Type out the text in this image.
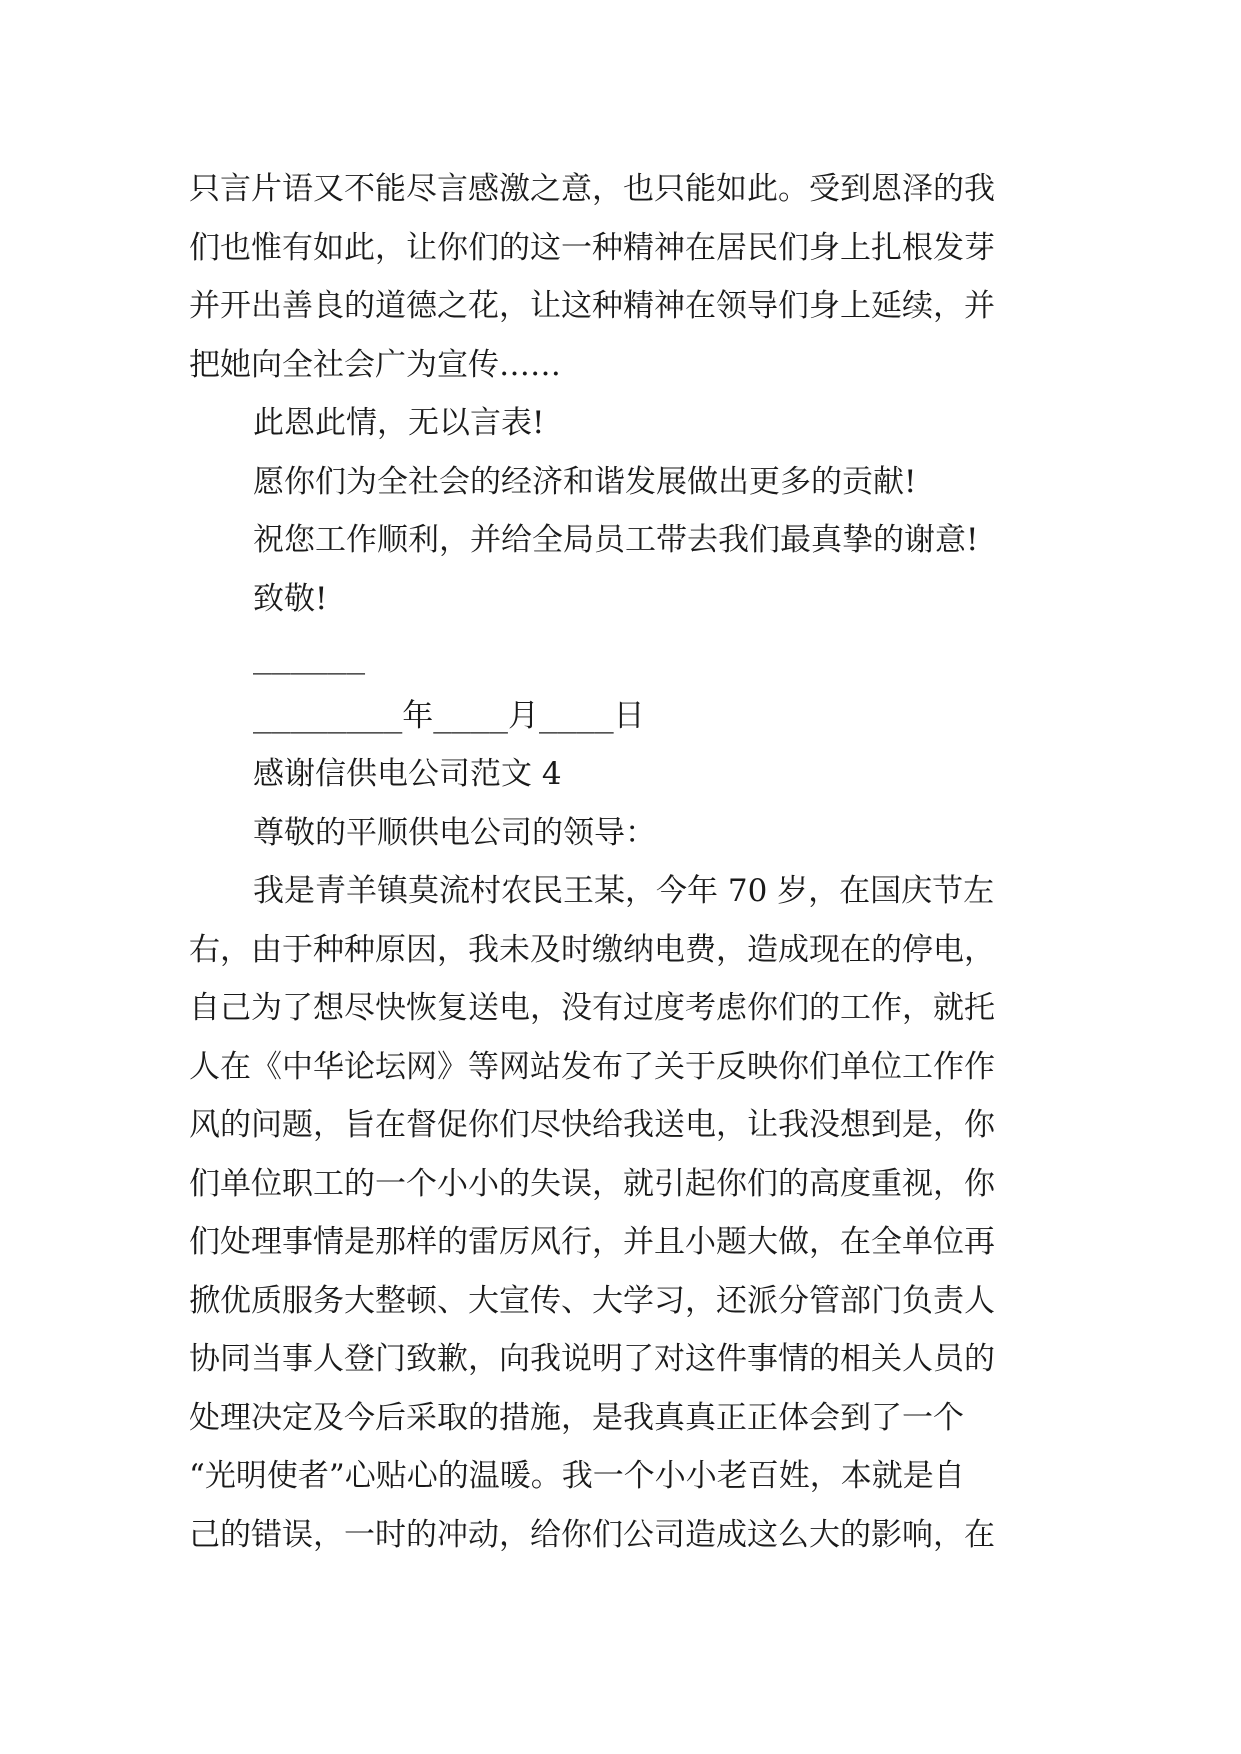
只言片语又不能尽言感激之意，也只能如此。受到恩泽的我
们也惟有如此，让你们的这一种精神在居民们身上扎根发芽
并开出善良的道德之花，让这种精神在领导们身上延续，并
把她向全社会广为宣传……
此恩此情，无以言表!
愿你们为全社会的经济和谐发展做出更多的贡献!
祝您工作顺利，并给全局员工带去我们最真挚的谢意!
致敬!
______
________年____月____日
感谢信供电公司范文 4
尊敬的平顺供电公司的领导：
我是青羊镇莫流村农民王某，今年 70 岁，在国庆节左
右，由于种种原因，我未及时缴纳电费，造成现在的停电，
自己为了想尽快恢复送电，没有过度考虑你们的工作，就托
人在《中华论坛网》等网站发布了关于反映你们单位工作作
风的问题，旨在督促你们尽快给我送电，让我没想到是，你
们单位职工的一个小小的失误，就引起你们的高度重视，你
们处理事情是那样的雷厉风行，并且小题大做，在全单位再
掀优质服务大整顿、大宣传、大学习，还派分管部门负责人
协同当事人登门致歉，向我说明了对这件事情的相关人员的
处理决定及今后采取的措施，是我真真正正体会到了一个
“光明使者”心贴心的温暖。我一个小小老百姓，本就是自
己的错误，一时的冲动，给你们公司造成这么大的影响，在
